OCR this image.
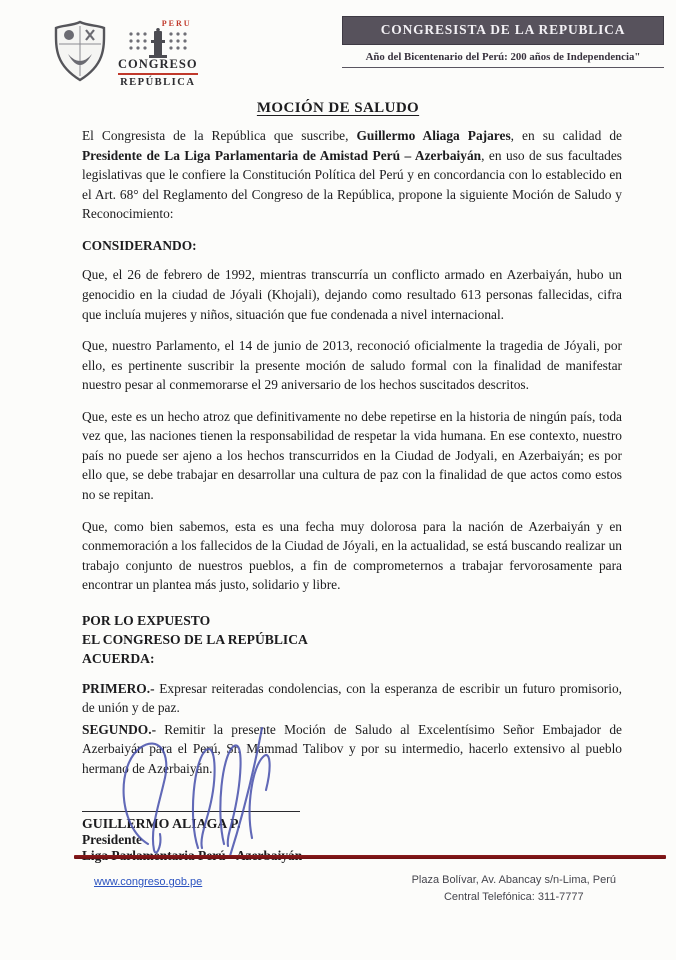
PERU
CONGRESO
REPÚBLICA
CONGRESISTA DE LA REPUBLICA
Año del Bicentenario del Perú: 200 años de Independencia"
MOCIÓN DE SALUDO

El Congresista de la República que suscribe, Guillermo Aliaga Pajares, en su calidad de Presidente de La Liga Parlamentaria de Amistad Perú – Azerbaiyán, en uso de sus facultades legislativas que le confiere la Constitución Política del Perú y en concordancia con lo establecido en el Art. 68° del Reglamento del Congreso de la República, propone la siguiente Moción de Saludo y Reconocimiento:

CONSIDERANDO:

Que, el 26 de febrero de 1992, mientras transcurría un conflicto armado en Azerbaiyán, hubo un genocidio en la ciudad de Jóyali (Khojali), dejando como resultado 613 personas fallecidas, cifra que incluía mujeres y niños, situación que fue condenada a nivel internacional.

Que, nuestro Parlamento, el 14 de junio de 2013, reconoció oficialmente la tragedia de Jóyali, por ello, es pertinente suscribir la presente moción de saludo formal con la finalidad de manifestar nuestro pesar al conmemorarse el 29 aniversario de los hechos suscitados descritos.

Que, este es un hecho atroz que definitivamente no debe repetirse en la historia de ningún país, toda vez que, las naciones tienen la responsabilidad de respetar la vida humana. En ese contexto, nuestro país no puede ser ajeno a los hechos transcurridos en la Ciudad de Jodyali, en Azerbaiyán; es por ello que, se debe trabajar en desarrollar una cultura de paz con la finalidad de que actos como estos no se repitan.

Que, como bien sabemos, esta es una fecha muy dolorosa para la nación de Azerbaiyán y en conmemoración a los fallecidos de la Ciudad de Jóyali, en la actualidad, se está buscando realizar un trabajo conjunto de nuestros pueblos, a fin de comprometernos a trabajar fervorosamente para encontrar un plantea más justo, solidario y libre.

POR LO EXPUESTO
EL CONGRESO DE LA REPÚBLICA
ACUERDA:

PRIMERO.- Expresar reiteradas condolencias, con la esperanza de escribir un futuro promisorio, de unión y de paz.

SEGUNDO.- Remitir la presente Moción de Saludo al Excelentísimo Señor Embajador de Azerbaiyán para el Perú, Sr. Mammad Talibov y por su intermedio, hacerlo extensivo al pueblo hermano de Azerbaiyán.

GUILLERMO ALIAGA P.
Presidente
www.congreso.gob.pe	Plaza Bolívar, Av. Abancay s/n-Lima, Perú
Central Telefónica: 311-7777
